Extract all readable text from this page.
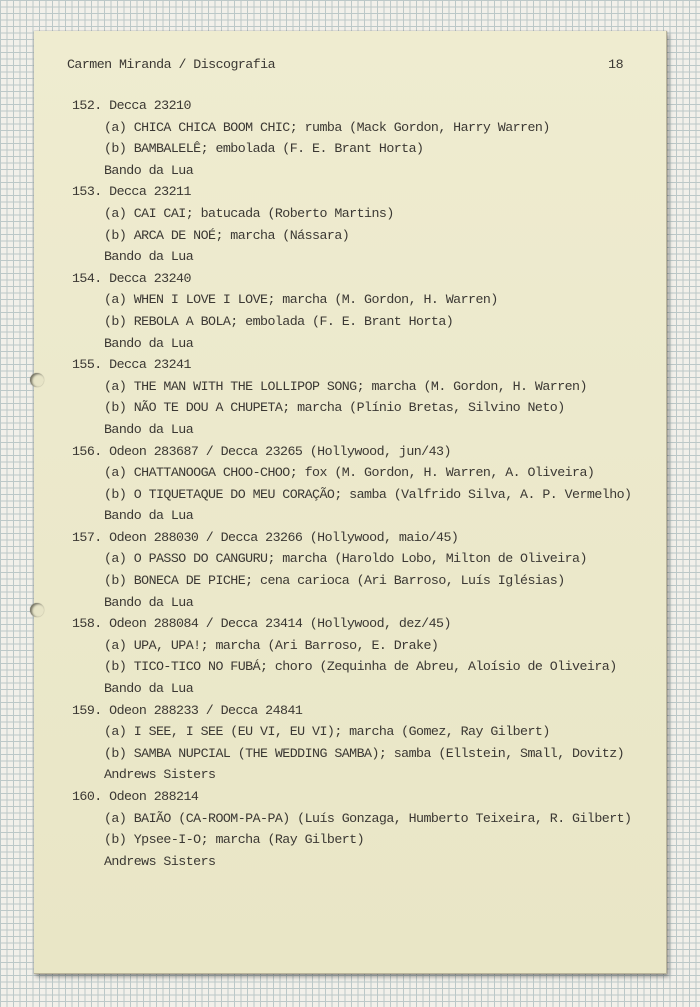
Carmen Miranda / Discografia	18
152. Decca 23210
(a) CHICA CHICA BOOM CHIC; rumba (Mack Gordon, Harry Warren)
(b) BAMBALELÊ; embolada (F. E. Brant Horta)
Bando da Lua
153. Decca 23211
(a) CAI CAI; batucada (Roberto Martins)
(b) ARCA DE NOÉ; marcha (Nássara)
Bando da Lua
154. Decca 23240
(a) WHEN I LOVE I LOVE; marcha (M. Gordon, H. Warren)
(b) REBOLA A BOLA; embolada (F. E. Brant Horta)
Bando da Lua
155. Decca 23241
(a) THE MAN WITH THE LOLLIPOP SONG; marcha (M. Gordon, H. Warren)
(b) NÃO TE DOU A CHUPETA; marcha (Plínio Bretas, Silvino Neto)
Bando da Lua
156. Odeon 283687 / Decca 23265 (Hollywood, jun/43)
(a) CHATTANOOGA CHOO-CHOO; fox (M. Gordon, H. Warren, A. Oliveira)
(b) O TIQUETAQUE DO MEU CORAÇÃO; samba (Valfrido Silva, A. P. Vermelho)
Bando da Lua
157. Odeon 288030 / Decca 23266 (Hollywood, maio/45)
(a) O PASSO DO CANGURU; marcha (Haroldo Lobo, Milton de Oliveira)
(b) BONECA DE PICHE; cena carioca (Ari Barroso, Luís Iglésias)
Bando da Lua
158. Odeon 288084 / Decca 23414 (Hollywood, dez/45)
(a) UPA, UPA!; marcha (Ari Barroso, E. Drake)
(b) TICO-TICO NO FUBÁ; choro (Zequinha de Abreu, Aloísio de Oliveira)
Bando da Lua
159. Odeon 288233 / Decca 24841
(a) I SEE, I SEE (EU VI, EU VI); marcha (Gomez, Ray Gilbert)
(b) SAMBA NUPCIAL (THE WEDDING SAMBA); samba (Ellstein, Small, Dovitz)
Andrews Sisters
160. Odeon 288214
(a) BAIÃO (CA-ROOM-PA-PA) (Luís Gonzaga, Humberto Teixeira, R. Gilbert)
(b) Ypsee-I-O; marcha (Ray Gilbert)
Andrews Sisters
